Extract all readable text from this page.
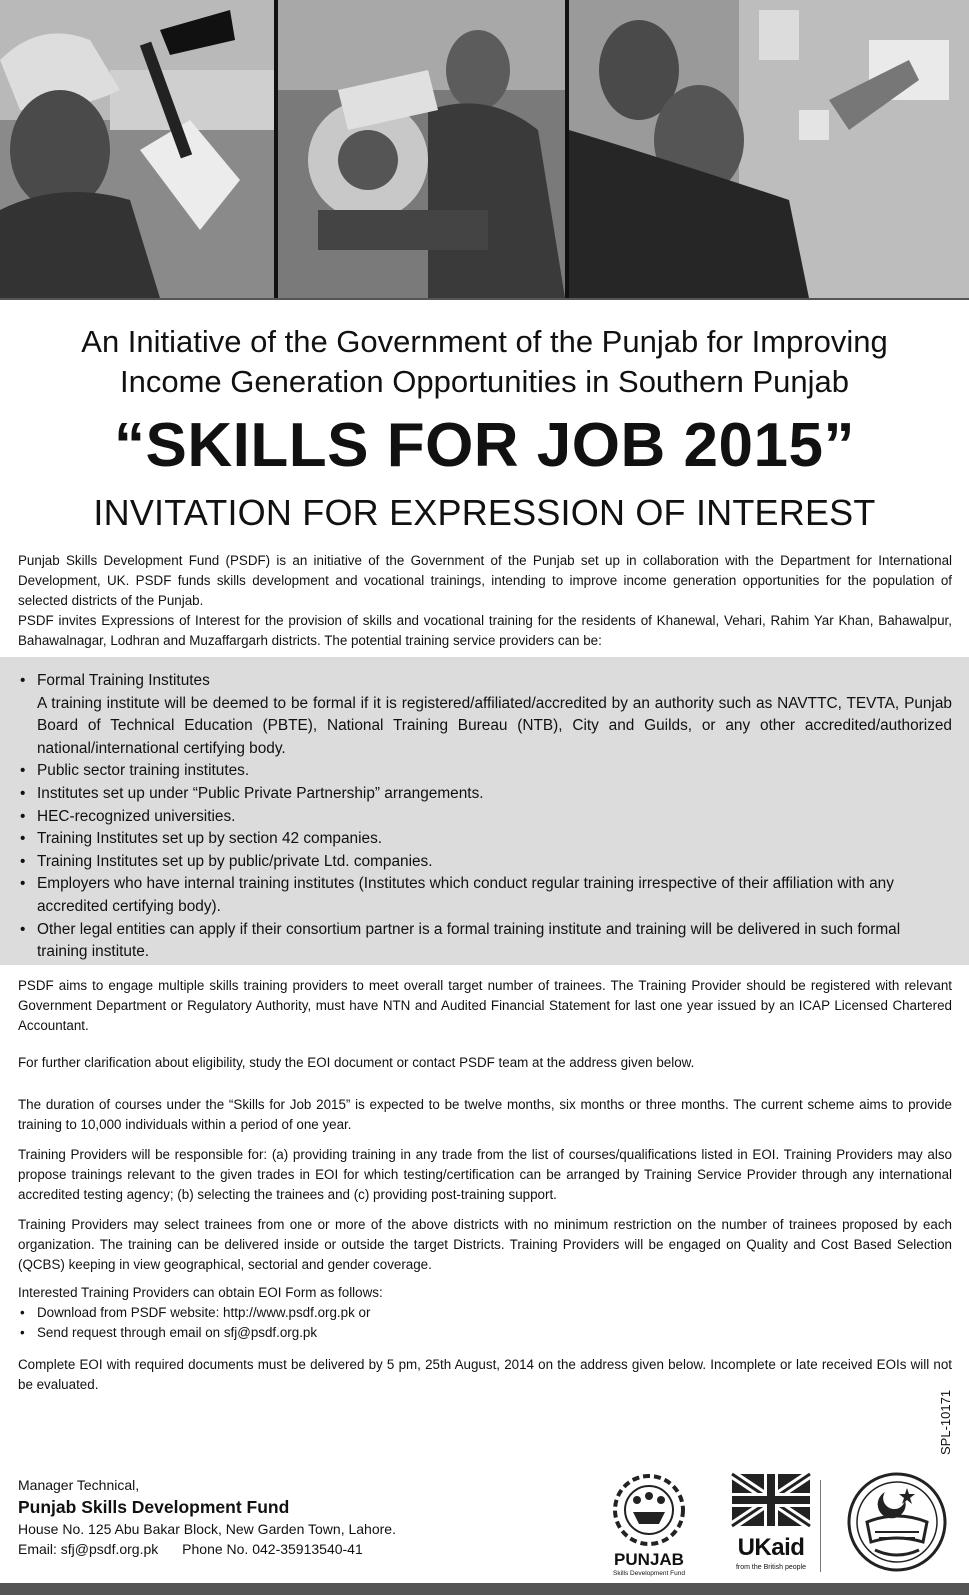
An Initiative of the Government of the Punjab for Improving
Income Generation Opportunities in Southern Punjab
“SKILLS FOR JOB 2015”
INVITATION FOR EXPRESSION OF INTEREST

Punjab Skills Development Fund (PSDF) is an initiative of the Government of the Punjab set up in collaboration with the Department for International Development, UK. PSDF funds skills development and vocational trainings, intending to improve income generation opportunities for the population of selected districts of the Punjab.

PSDF invites Expressions of Interest for the provision of skills and vocational training for the residents of Khanewal, Vehari, Rahim Yar Khan, Bahawalpur, Bahawalnagar, Lodhran and Muzaffargarh districts. The potential training service providers can be:

• Formal Training Institutes
A training institute will be deemed to be formal if it is registered/affiliated/accredited by an authority such as NAVTTC, TEVTA, Punjab Board of Technical Education (PBTE), National Training Bureau (NTB), City and Guilds, or any other accredited/authorized national/international certifying body.
• Public sector training institutes.
• Institutes set up under “Public Private Partnership” arrangements.
• HEC-recognized universities.
• Training Institutes set up by section 42 companies.
• Training Institutes set up by public/private Ltd. companies.
• Employers who have internal training institutes (Institutes which conduct regular training irrespective of their affiliation with any accredited certifying body).
• Other legal entities can apply if their consortium partner is a formal training institute and training will be delivered in such formal training institute.

PSDF aims to engage multiple skills training providers to meet overall target number of trainees. The Training Provider should be registered with relevant Government Department or Regulatory Authority, must have NTN and Audited Financial Statement for last one year issued by an ICAP Licensed Chartered Accountant.

For further clarification about eligibility, study the EOI document or contact PSDF team at the address given below.

The duration of courses under the “Skills for Job 2015” is expected to be twelve months, six months or three months. The current scheme aims to provide training to 10,000 individuals within a period of one year.

Training Providers will be responsible for: (a) providing training in any trade from the list of courses/qualifications listed in EOI. Training Providers may also propose trainings relevant to the given trades in EOI for which testing/certification can be arranged by Training Service Provider through any international accredited testing agency; (b) selecting the trainees and (c) providing post-training support.

Training Providers may select trainees from one or more of the above districts with no minimum restriction on the number of trainees proposed by each organization. The training can be delivered inside or outside the target Districts. Training Providers will be engaged on Quality and Cost Based Selection (QCBS) keeping in view geographical, sectorial and gender coverage.

Interested Training Providers can obtain EOI Form as follows:
• Download from PSDF website: http://www.psdf.org.pk or
• Send request through email on sfj@psdf.org.pk

Complete EOI with required documents must be delivered by 5 pm, 25th August, 2014 on the address given below. Incomplete or late received EOIs will not be evaluated.

SPL-10171
Manager Technical,
Punjab Skills Development Fund
House No. 125 Abu Bakar Block, New Garden Town, Lahore.
Email: sfj@psdf.org.pk Phone No. 042-35913540-41
PUNJAB
Skills Development Fund
UKaid
from the British people
